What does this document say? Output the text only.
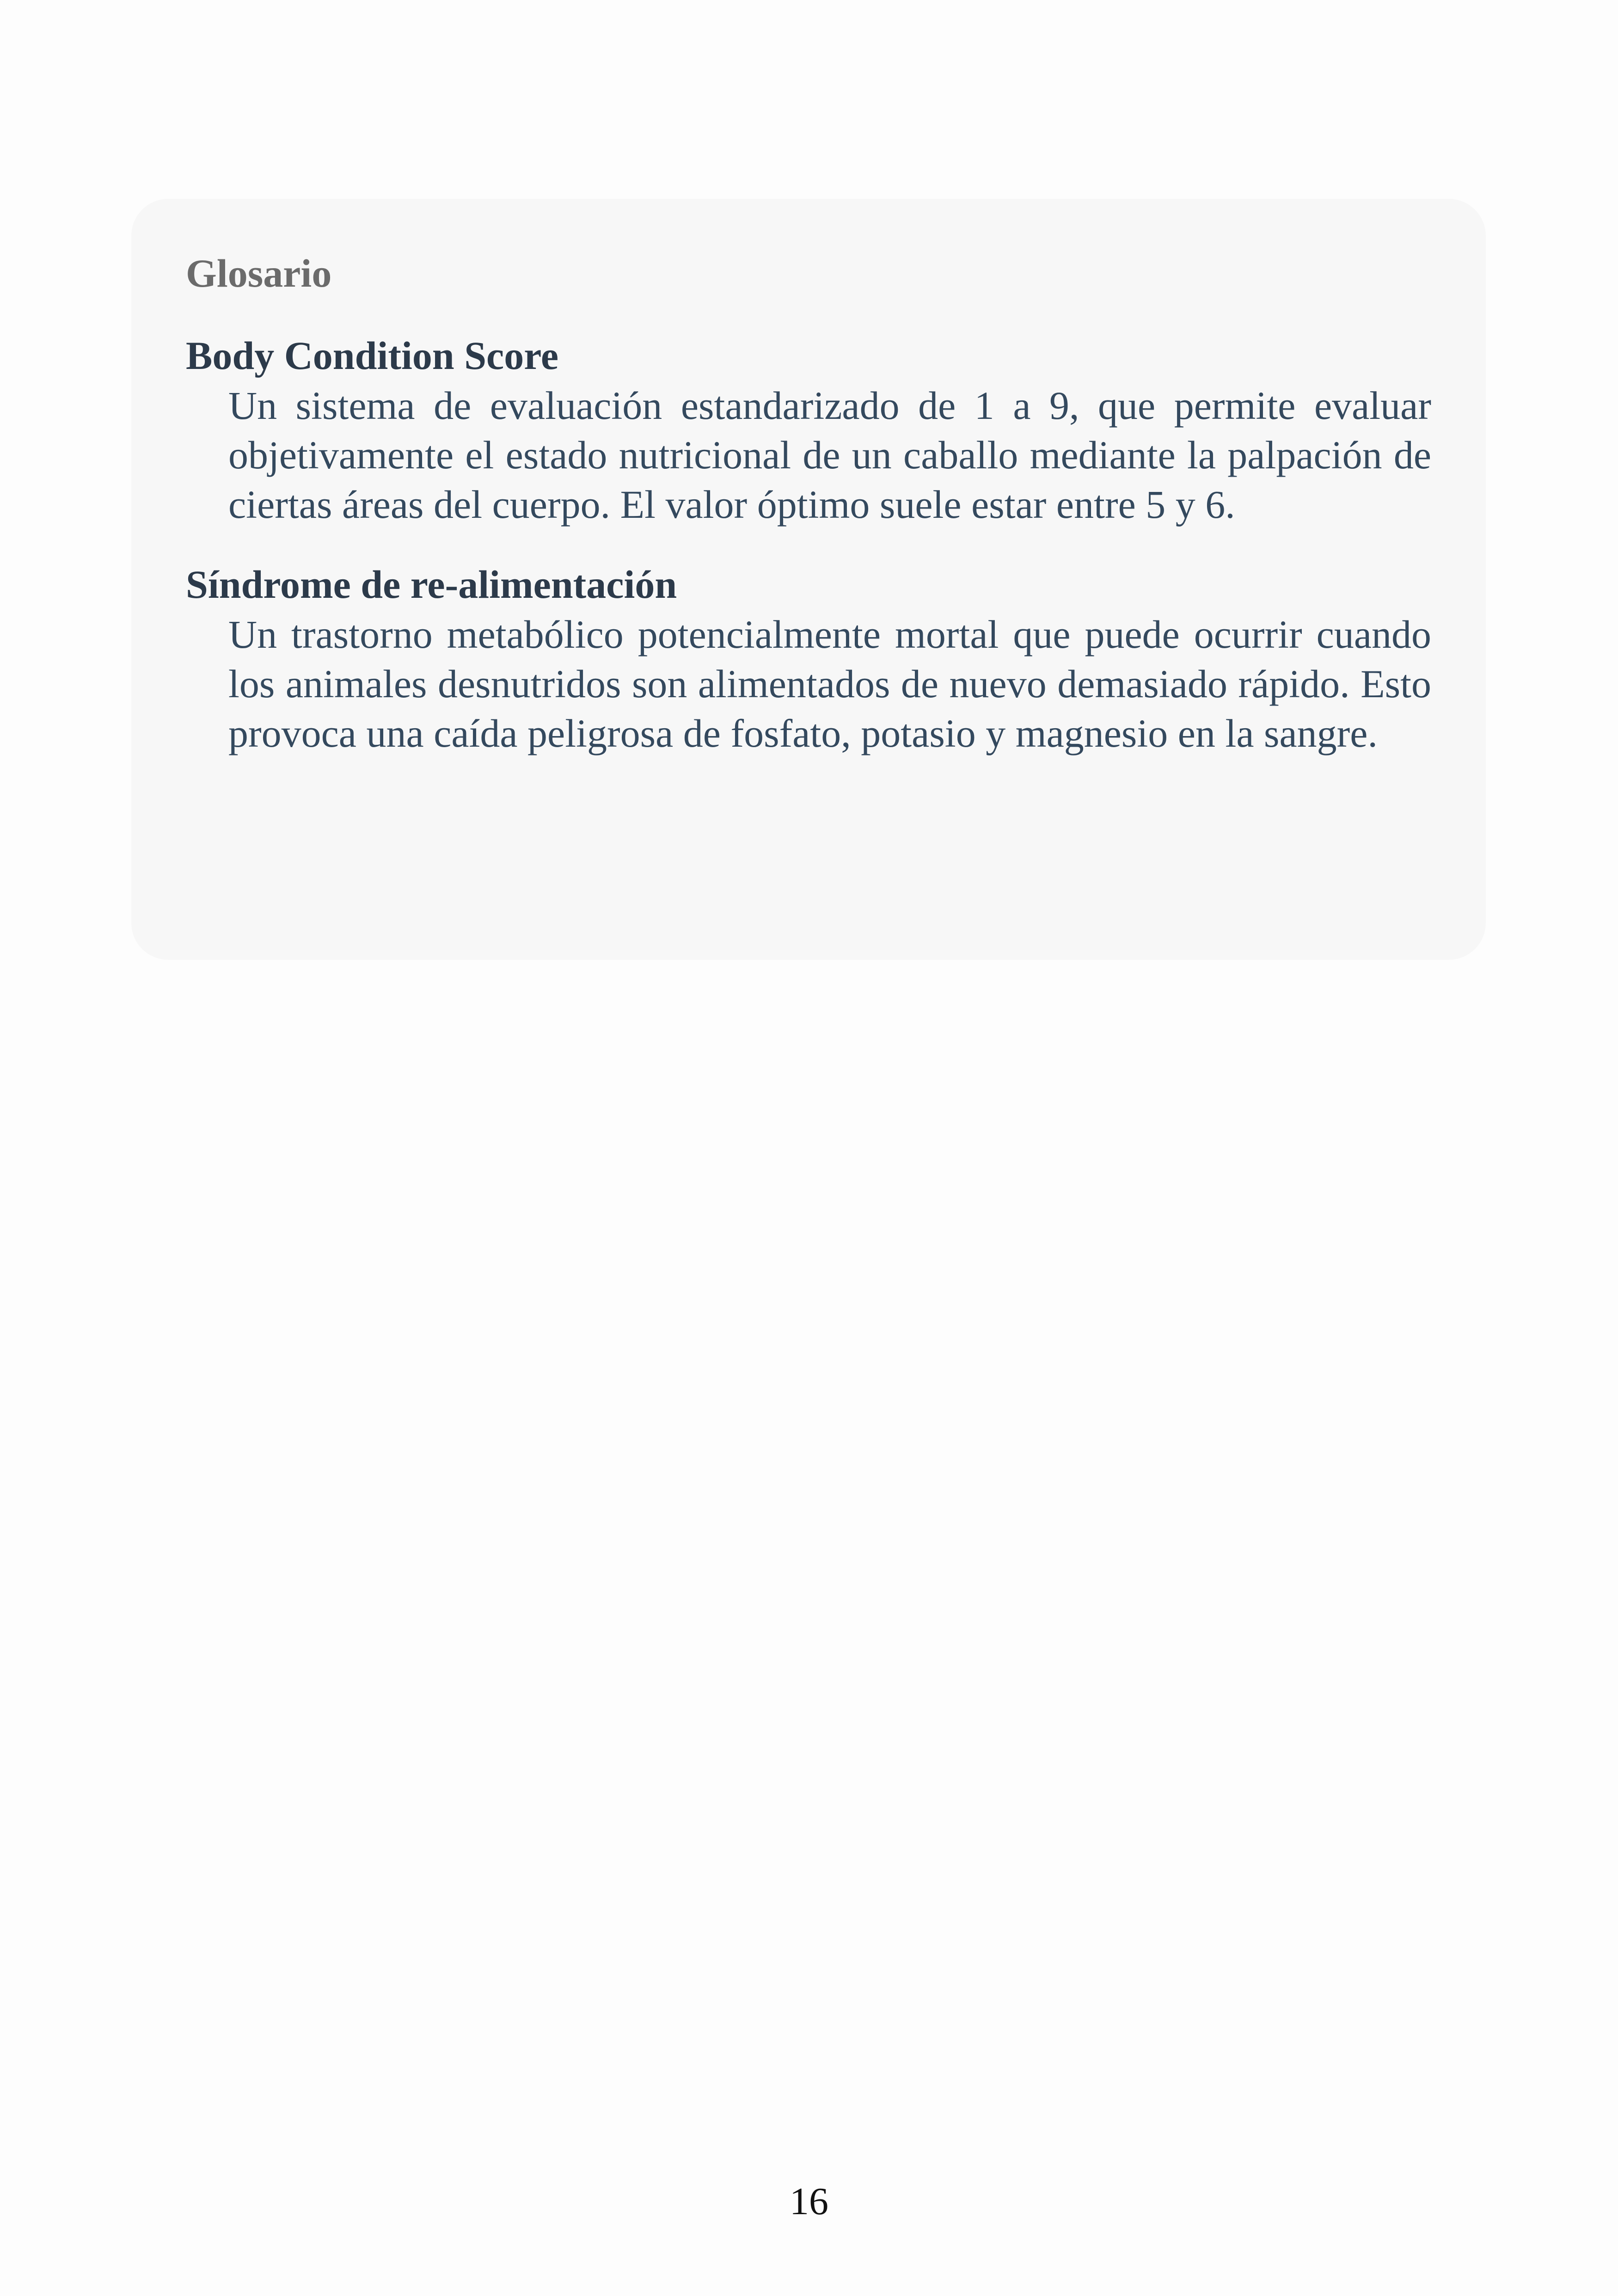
Glosario
Body Condition Score
Un sistema de evaluación estandarizado de 1 a 9, que permite evaluar objetivamente el estado nutricional de un caballo mediante la palpación de ciertas áreas del cuerpo. El valor óptimo suele estar entre 5 y 6.
Síndrome de re-alimentación
Un trastorno metabólico potencialmente mortal que puede ocurrir cuando los animales desnutridos son alimentados de nuevo demasiado rápido. Esto provoca una caída peligrosa de fosfato, potasio y magnesio en la sangre.
16
